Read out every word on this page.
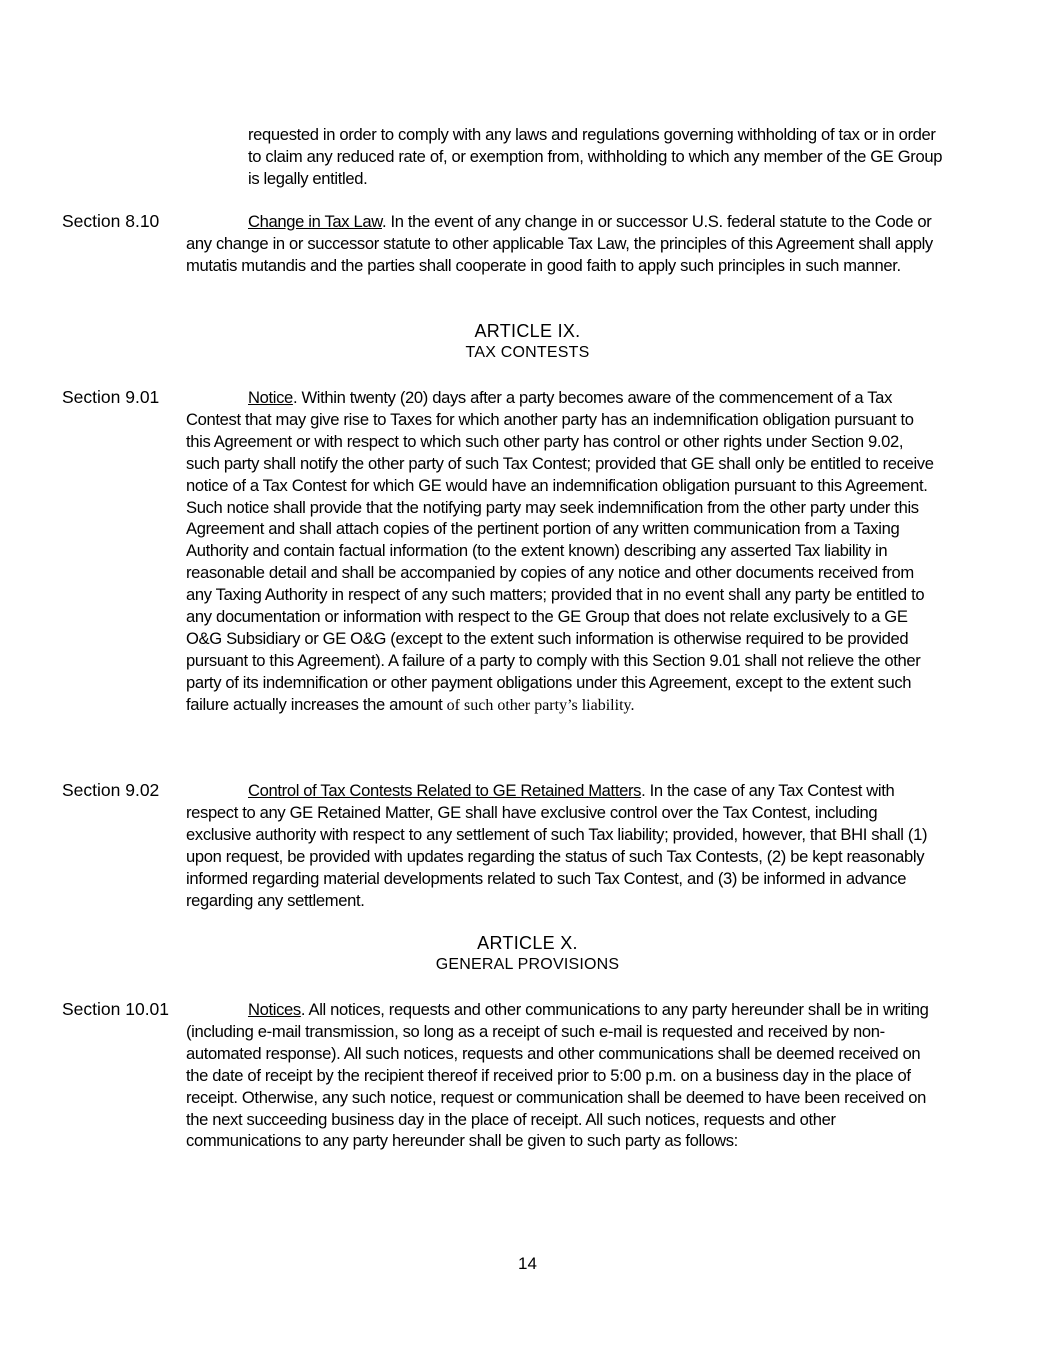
requested in order to comply with any laws and regulations governing withholding of tax or in order to claim any reduced rate of, or exemption from, withholding to which any member of the GE Group is legally entitled.
Section 8.10	Change in Tax Law. In the event of any change in or successor U.S. federal statute to the Code or any change in or successor statute to other applicable Tax Law, the principles of this Agreement shall apply mutatis mutandis and the parties shall cooperate in good faith to apply such principles in such manner.
ARTICLE IX.
TAX CONTESTS
Section 9.01	Notice. Within twenty (20) days after a party becomes aware of the commencement of a Tax Contest that may give rise to Taxes for which another party has an indemnification obligation pursuant to this Agreement or with respect to which such other party has control or other rights under Section 9.02, such party shall notify the other party of such Tax Contest; provided that GE shall only be entitled to receive notice of a Tax Contest for which GE would have an indemnification obligation pursuant to this Agreement. Such notice shall provide that the notifying party may seek indemnification from the other party under this Agreement and shall attach copies of the pertinent portion of any written communication from a Taxing Authority and contain factual information (to the extent known) describing any asserted Tax liability in reasonable detail and shall be accompanied by copies of any notice and other documents received from any Taxing Authority in respect of any such matters; provided that in no event shall any party be entitled to any documentation or information with respect to the GE Group that does not relate exclusively to a GE O&G Subsidiary or GE O&G (except to the extent such information is otherwise required to be provided pursuant to this Agreement). A failure of a party to comply with this Section 9.01 shall not relieve the other party of its indemnification or other payment obligations under this Agreement, except to the extent such failure actually increases the amount of such other party’s liability.
Section 9.02	Control of Tax Contests Related to GE Retained Matters. In the case of any Tax Contest with respect to any GE Retained Matter, GE shall have exclusive control over the Tax Contest, including exclusive authority with respect to any settlement of such Tax liability; provided, however, that BHI shall (1) upon request, be provided with updates regarding the status of such Tax Contests, (2) be kept reasonably informed regarding material developments related to such Tax Contest, and (3) be informed in advance regarding any settlement.
ARTICLE X.
GENERAL PROVISIONS
Section 10.01	Notices. All notices, requests and other communications to any party hereunder shall be in writing (including e-mail transmission, so long as a receipt of such e-mail is requested and received by non-automated response). All such notices, requests and other communications shall be deemed received on the date of receipt by the recipient thereof if received prior to 5:00 p.m. on a business day in the place of receipt. Otherwise, any such notice, request or communication shall be deemed to have been received on the next succeeding business day in the place of receipt. All such notices, requests and other communications to any party hereunder shall be given to such party as follows:
14
